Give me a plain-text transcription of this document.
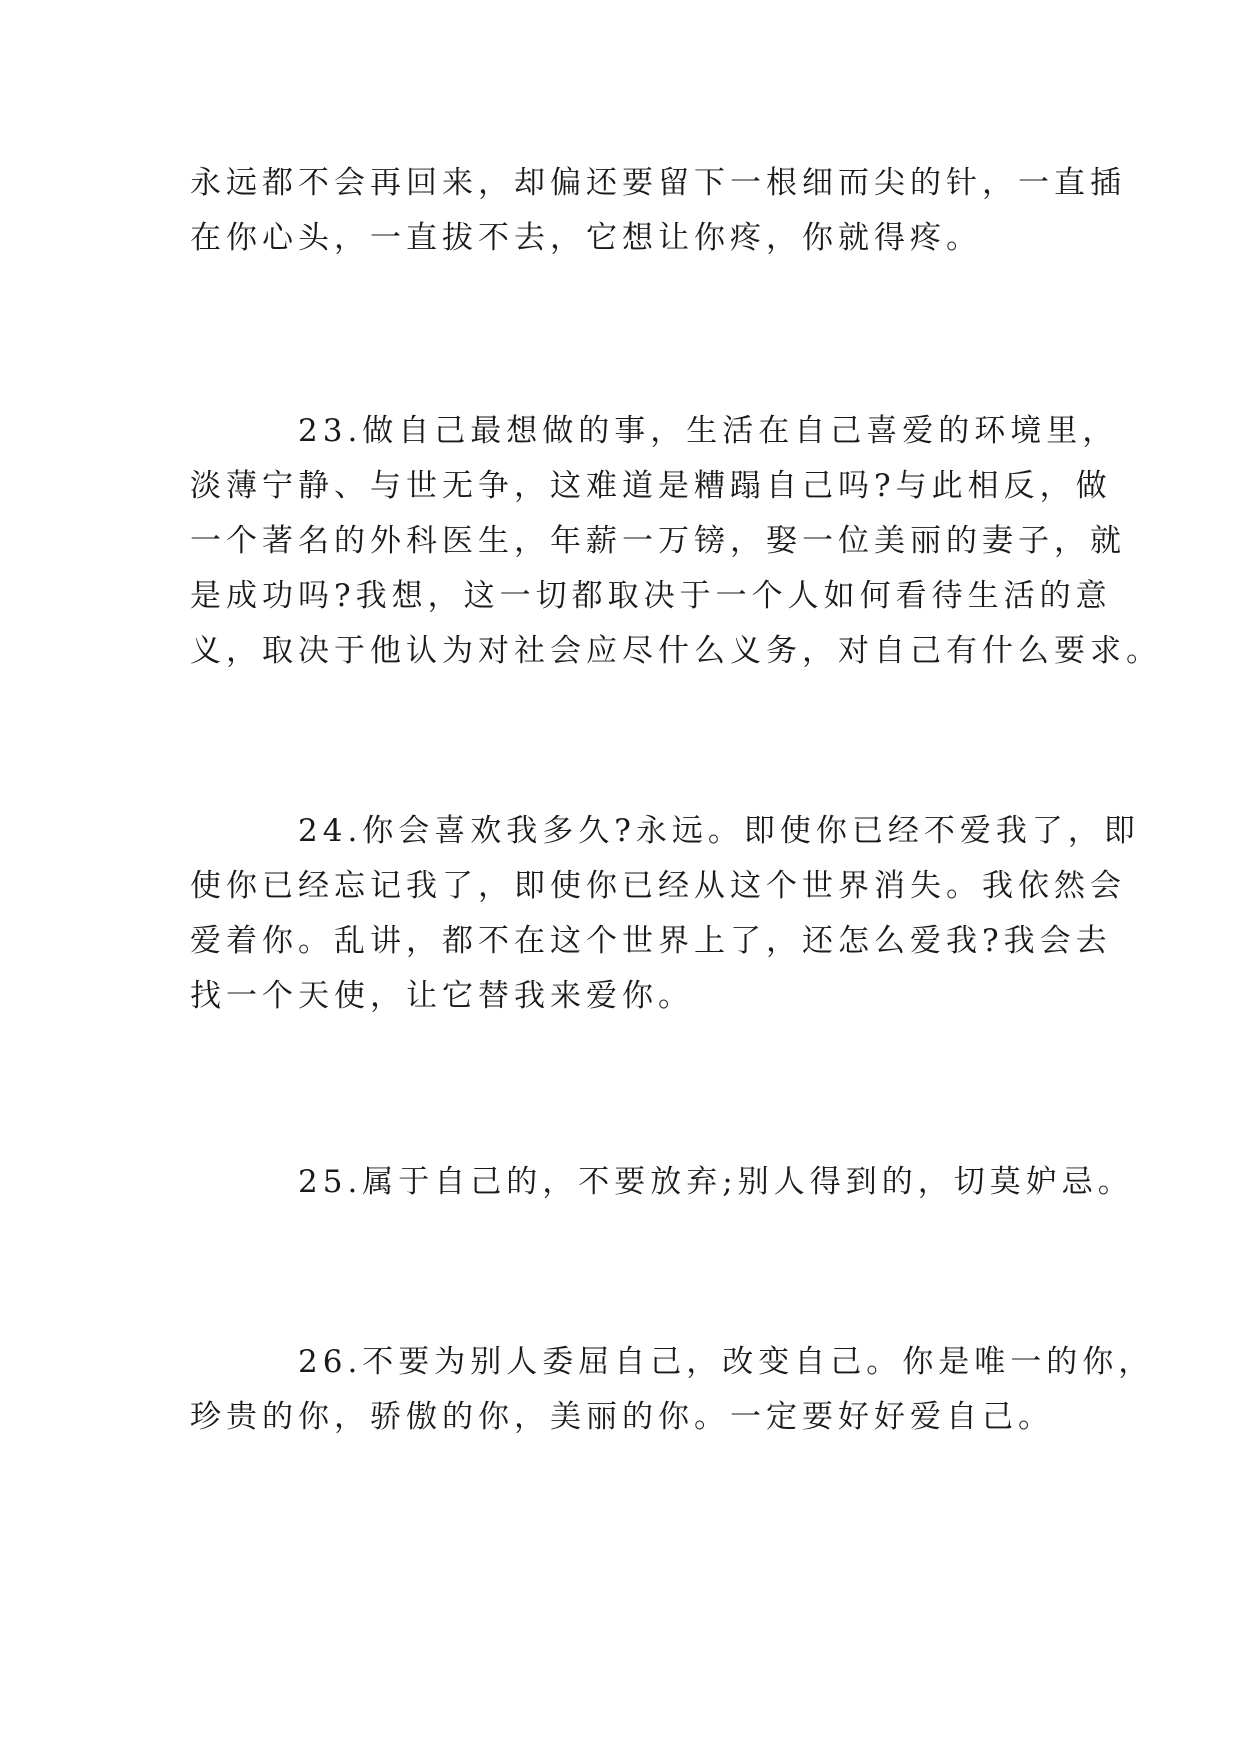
永远都不会再回来，却偏还要留下一根细而尖的针，一直插
在你心头，一直拔不去，它想让你疼，你就得疼。

23.做自己最想做的事，生活在自己喜爱的环境里，
淡薄宁静、与世无争，这难道是糟蹋自己吗?与此相反，做
一个著名的外科医生，年薪一万镑，娶一位美丽的妻子，就
是成功吗?我想，这一切都取决于一个人如何看待生活的意
义，取决于他认为对社会应尽什么义务，对自己有什么要求。

24.你会喜欢我多久?永远。即使你已经不爱我了，即
使你已经忘记我了，即使你已经从这个世界消失。我依然会
爱着你。乱讲，都不在这个世界上了，还怎么爱我?我会去
找一个天使，让它替我来爱你。

25.属于自己的，不要放弃;别人得到的，切莫妒忌。

26.不要为别人委屈自己，改变自己。你是唯一的你，
珍贵的你，骄傲的你，美丽的你。一定要好好爱自己。
